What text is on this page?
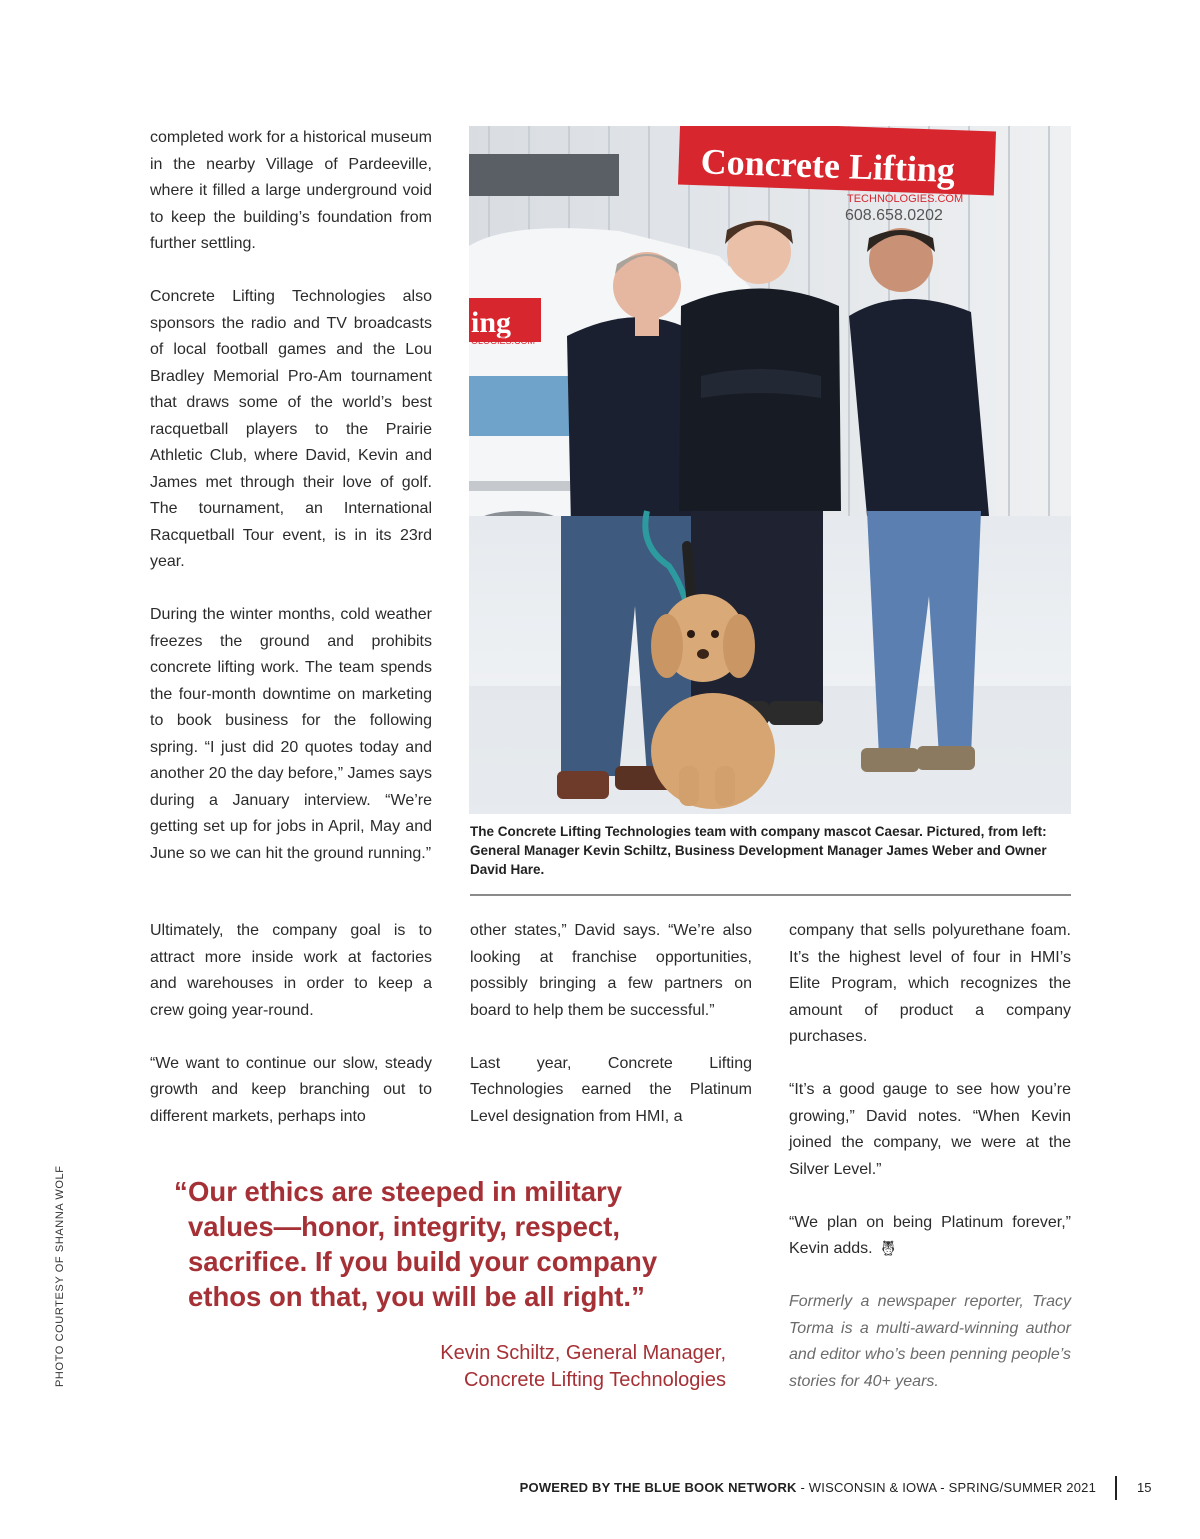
completed work for a historical museum in the nearby Village of Pardeeville, where it filled a large underground void to keep the building’s foundation from further settling.

Concrete Lifting Technologies also sponsors the radio and TV broadcasts of local football games and the Lou Bradley Memorial Pro-Am tournament that draws some of the world’s best racquetball players to the Prairie Athletic Club, where David, Kevin and James met through their love of golf. The tournament, an International Racquetball Tour event, is in its 23rd year.

During the winter months, cold weather freezes the ground and prohibits concrete lifting work. The team spends the four-month downtime on marketing to book business for the following spring. “I just did 20 quotes today and another 20 the day before,” James says during a January interview. “We’re getting set up for jobs in April, May and June so we can hit the ground running.”

Concrete Lifting
TECHNOLOGIES.COM
608.658.0202
ing
OLOGIES.COM
The Concrete Lifting Technologies team with company mascot Caesar. Pictured, from left: General Manager Kevin Schiltz, Business Development Manager James Weber and Owner David Hare.

Ultimately, the company goal is to attract more inside work at factories and warehouses in order to keep a crew going year-round.

“We want to continue our slow, steady growth and keep branching out to different markets, perhaps into

other states,” David says. “We’re also looking at franchise opportunities, possibly bringing a few partners on board to help them be successful.”

Last year, Concrete Lifting Technologies earned the Platinum Level designation from HMI, a

company that sells polyurethane foam. It’s the highest level of four in HMI’s Elite Program, which recognizes the amount of product a company purchases.

“It’s a good gauge to see how you’re growing,” David notes. “When Kevin joined the company, we were at the Silver Level.”

“We plan on being Platinum forever,” Kevin adds. 🦉︎

Formerly a newspaper reporter, Tracy Torma is a multi-award-winning author and editor who’s been penning people’s stories for 40+ years.

“ Our ethics are steeped in military values—honor, integrity, respect, sacrifice. If you build your company ethos on that, you will be all right.”
Kevin Schiltz, General Manager,
Concrete Lifting Technologies
PHOTO COURTESY OF SHANNA WOLF
POWERED BY THE BLUE BOOK NETWORK - WISCONSIN & IOWA - SPRING/SUMMER 2021	15
